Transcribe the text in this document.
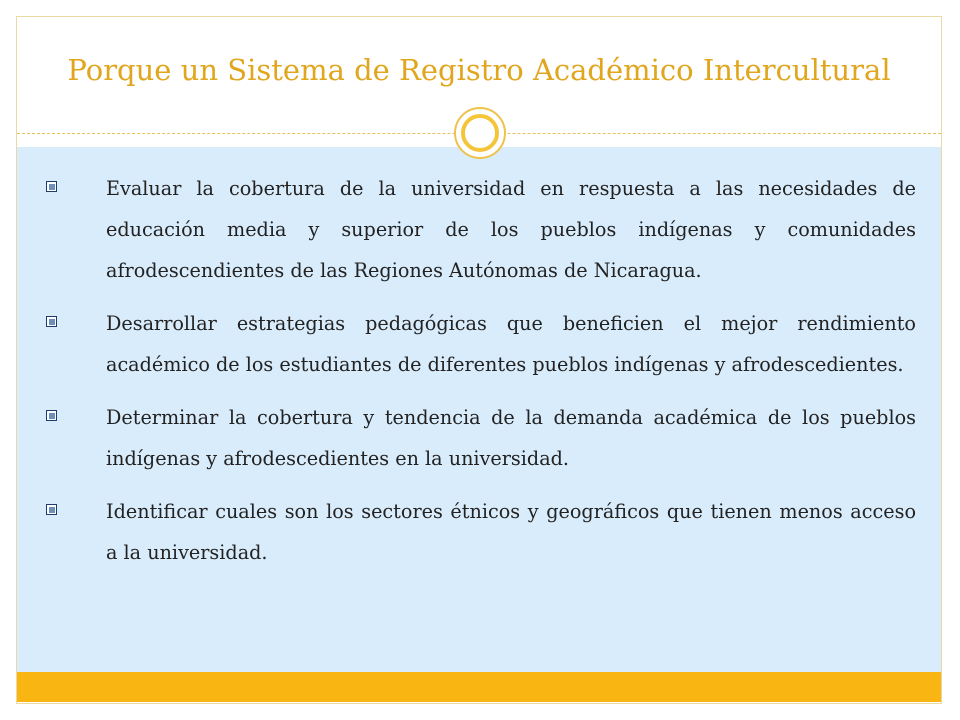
Porque un Sistema de Registro Académico Intercultural
Evaluar la cobertura de la universidad en respuesta a las necesidades de educación media y superior de los pueblos indígenas y comunidades afrodescendientes de las Regiones Autónomas de Nicaragua.
Desarrollar estrategias pedagógicas que beneficien el mejor rendimiento académico de los estudiantes de diferentes pueblos indígenas y afrodescedientes.
Determinar la cobertura y tendencia de la demanda académica de los pueblos indígenas y afrodescedientes en la universidad.
Identificar cuales son los sectores étnicos y geográficos que tienen menos acceso a la universidad.
